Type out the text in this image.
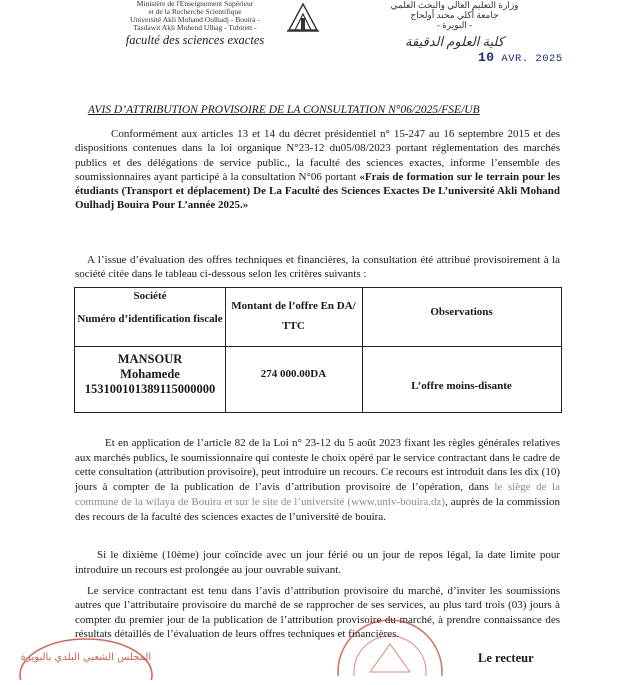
Ministère de l'Enseignement Supérieur
et de la Recherche Scientifique
Université Akli Mohand Oulhadj - Bouira -
Tasdawit Akli Muhend Ulhag - Tubirett -
faculté des sciences exactes
وزارة التعليم العالي والبحث العلمي
جامعة أكلي محند أولحاج
- البويرة -
كلية العلوم الدقيقة
10 AVR. 2025
AVIS D’ATTRIBUTION PROVISOIRE DE LA CONSULTATION N°06/2025/FSE/UB
Conformément aux articles 13 et 14 du décret présidentiel n° 15-247 au 16 septembre 2015 et des dispositions contenues dans la loi organique N°23-12 du05/08/2023 portant réglementation des marchés publics et des délégations de service public., la faculté des sciences exactes, informe l’ensemble des soumissionnaires ayant participé à la consultation N°06 portant «Frais de formation sur le terrain pour les étudiants (Transport et déplacement) De La Faculté des Sciences Exactes De L’université Akli Mohand Oulhadj Bouira Pour L’année 2025.»
A l’issue d’évaluation des offres techniques et financières, la consultation été attribué provisoirement à la société citée dans le tableau ci-dessous selon les critères suivants :
Société
Numéro d’identification fiscale
Montant de l’offre En DA/ TTC
Observations
MANSOUR
Mohamede
153100101389115000000
274 000.00DA
L’offre moins-disante
Et en application de l’article 82 de la Loi n° 23-12 du 5 août 2023 fixant les règles générales relatives aux marchés publics, le soumissionnaire qui conteste le choix opéré par le service contractant dans le cadre de cette consultation (attribution provisoire), peut introduire un recours. Ce recours est introduit dans les dix (10) jours à compter de la publication de l’avis d’attribution provisoire de l’opération, dans le siège de la commune de la wilaya de Bouira et sur le site de l’université (www.univ-bouira.dz), auprès de la commission des recours de la faculté des sciences exactes de l’université de bouira.
Si le dixième (10ème) jour coïncide avec un jour férié ou un jour de repos légal, la date limite pour introduire un recours est prolongée au jour ouvrable suivant.
Le service contractant est tenu dans l’avis d’attribution provisoire du marché, d’inviter les soumissions autres que l’attributaire provisoire du marché de se rapprocher de ses services, au plus tard trois (03) jours à compter du premier jour de la publication de l’attribution provisoire du marché, à prendre connaissance des résultats détaillés de l’évaluation de leurs offres techniques et financières.
المجلس الشعبي البلدي بالبويرة	Le recteur
